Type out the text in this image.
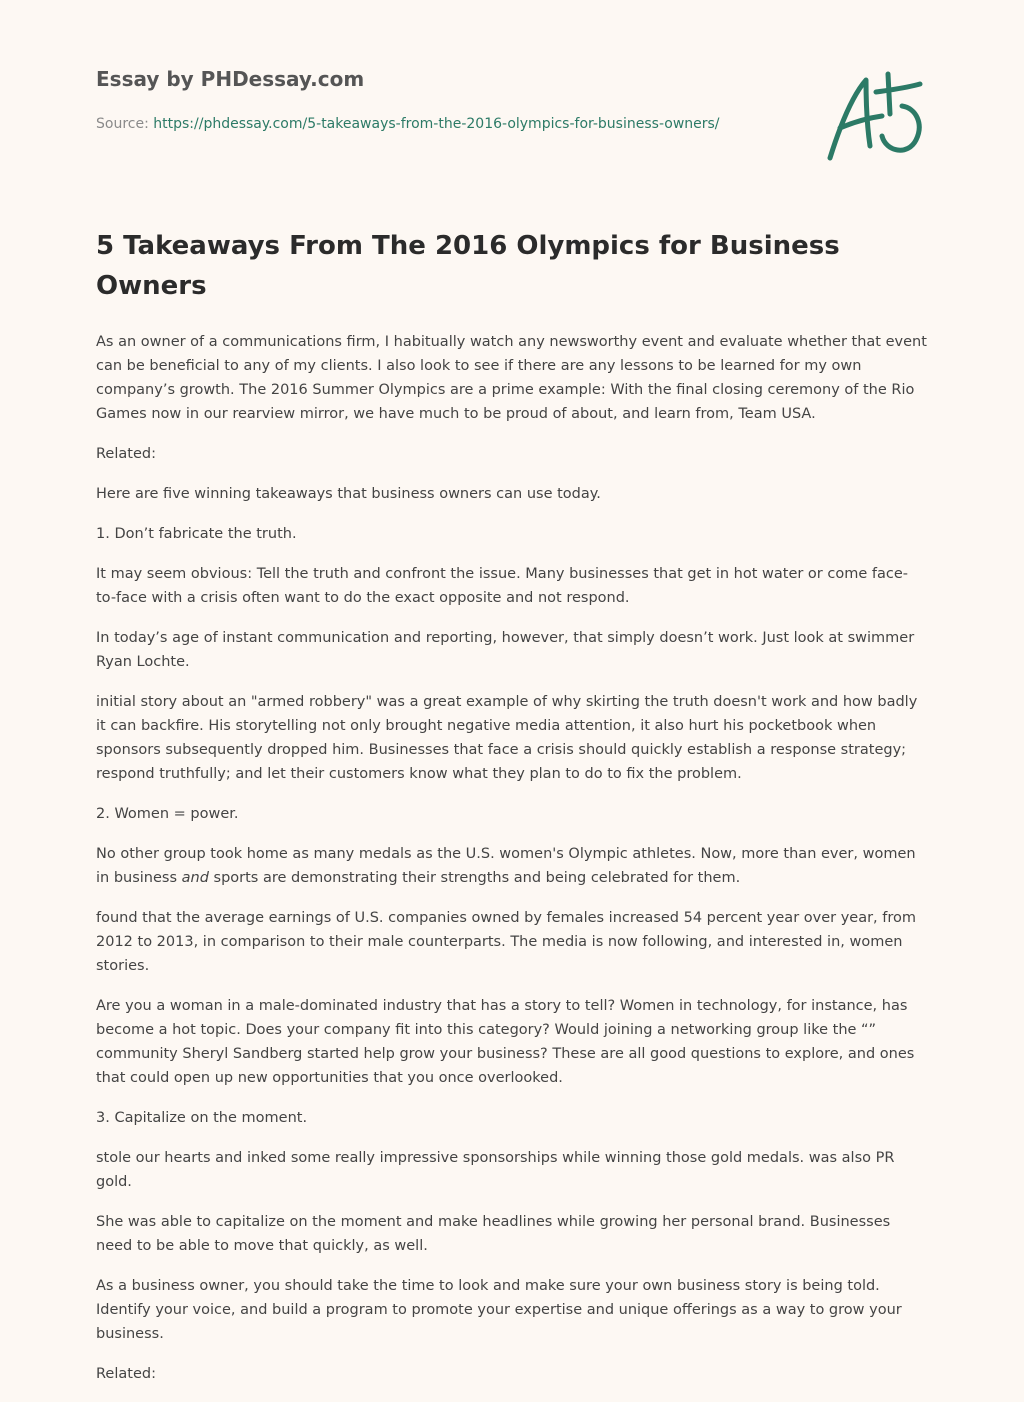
Essay by PHDessay.com

Source: https://phdessay.com/5-takeaways-from-the-2016-olympics-for-business-owners/
5 Takeaways From The 2016 Olympics for Business Owners

As an owner of a communications firm, I habitually watch any newsworthy event and evaluate whether that event can be beneficial to any of my clients. I also look to see if there are any lessons to be learned for my own company’s growth. The 2016 Summer Olympics are a prime example: With the final closing ceremony of the Rio Games now in our rearview mirror, we have much to be proud of about, and learn from, Team USA.

Related:

Here are five winning takeaways that business owners can use today.

1. Don’t fabricate the truth.

It may seem obvious: Tell the truth and confront the issue. Many businesses that get in hot water or come face-to-face with a crisis often want to do the exact opposite and not respond.

In today’s age of instant communication and reporting, however, that simply doesn’t work. Just look at swimmer Ryan Lochte.

initial story about an "armed robbery" was a great example of why skirting the truth doesn't work and how badly it can backfire. His storytelling not only brought negative media attention, it also hurt his pocketbook when sponsors subsequently dropped him. Businesses that face a crisis should quickly establish a response strategy; respond truthfully; and let their customers know what they plan to do to fix the problem.

2. Women = power.

No other group took home as many medals as the U.S. women's Olympic athletes. Now, more than ever, women in business and sports are demonstrating their strengths and being celebrated for them.

found that the average earnings of U.S. companies owned by females increased 54 percent year over year, from 2012 to 2013, in comparison to their male counterparts. The media is now following, and interested in, women stories.

Are you a woman in a male-dominated industry that has a story to tell? Women in technology, for instance, has become a hot topic. Does your company fit into this category? Would joining a networking group like the “” community Sheryl Sandberg started help grow your business? These are all good questions to explore, and ones that could open up new opportunities that you once overlooked.

3. Capitalize on the moment.

stole our hearts and inked some really impressive sponsorships while winning those gold medals. was also PR gold.

She was able to capitalize on the moment and make headlines while growing her personal brand. Businesses need to be able to move that quickly, as well.

As a business owner, you should take the time to look and make sure your own business story is being told. Identify your voice, and build a program to promote your expertise and unique offerings as a way to grow your business.

Related:
